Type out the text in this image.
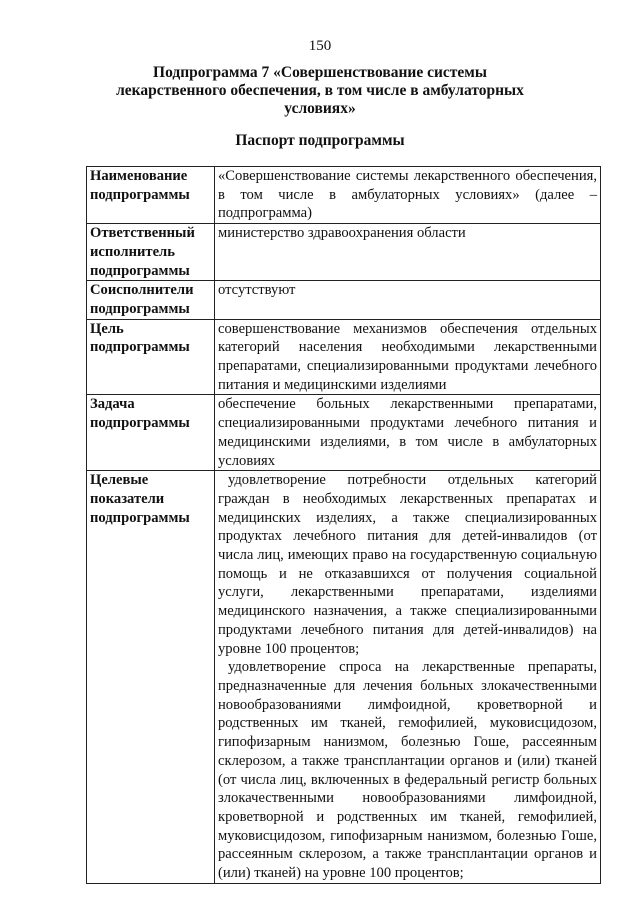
150
Подпрограмма 7 «Совершенствование системы лекарственного обеспечения, в том числе в амбулаторных условиях»
Паспорт подпрограммы
Наименование подпрограммы	«Совершенствование системы лекарственного обеспечения, в том числе в амбулаторных условиях» (далее – подпрограмма)
Ответственный исполнитель подпрограммы	министерство здравоохранения области
Соисполнители подпрограммы	отсутствуют
Цель подпрограммы	совершенствование механизмов обеспечения отдельных категорий населения необходимыми лекарственными препаратами, специализированными продуктами лечебного питания и медицинскими изделиями
Задача подпрограммы	обеспечение больных лекарственными препаратами, специализированными продуктами лечебного питания и медицинскими изделиями, в том числе в амбулаторных условиях
Целевые показатели подпрограммы	удовлетворение потребности отдельных категорий граждан в необходимых лекарственных препаратах и медицинских изделиях, а также специализированных продуктах лечебного питания для детей-инвалидов (от числа лиц, имеющих право на государственную социальную помощь и не отказавшихся от получения социальной услуги, лекарственными препаратами, изделиями медицинского назначения, а также специализированными продуктами лечебного питания для детей-инвалидов) на уровне 100 процентов;
удовлетворение спроса на лекарственные препараты, предназначенные для лечения больных злокачественными новообразованиями лимфоидной, кроветворной и родственных им тканей, гемофилией, муковисцидозом, гипофизарным нанизмом, болезнью Гоше, рассеянным склерозом, а также трансплантации органов и (или) тканей (от числа лиц, включенных в федеральный регистр больных злокачественными новообразованиями лимфоидной, кроветворной и родственных им тканей, гемофилией, муковисцидозом, гипофизарным нанизмом, болезнью Гоше, рассеянным склерозом, а также трансплантации органов и (или) тканей) на уровне 100 процентов;
